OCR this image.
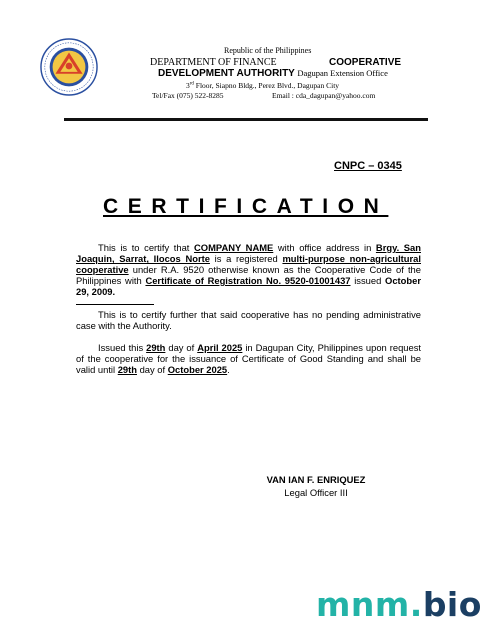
Republic of the Philippines
DEPARTMENT OF FINANCE	COOPERATIVE
DEVELOPMENT AUTHORITY Dagupan Extension Office
3rd Floor, Siapno Bldg., Perez Blvd., Dagupan City
Tel/Fax (075) 522-8285	Email : cda_dagupan@yahoo.com
CNPC – 0345
CERTIFICATION
This is to certify that COMPANY NAME with office address in Brgy. San Joaquin, Sarrat, Ilocos Norte is a registered multi-purpose non-agricultural cooperative under R.A. 9520 otherwise known as the Cooperative Code of the Philippines with Certificate of Registration No. 9520-01001437 issued October 29, 2009.
This is to certify further that said cooperative has no pending administrative case with the Authority.
Issued this 29th day of April 2025 in Dagupan City, Philippines upon request of the cooperative for the issuance of Certificate of Good Standing and shall be valid until 29th day of October 2025.
VAN IAN F. ENRIQUEZ
Legal Officer III
mnm.bio
